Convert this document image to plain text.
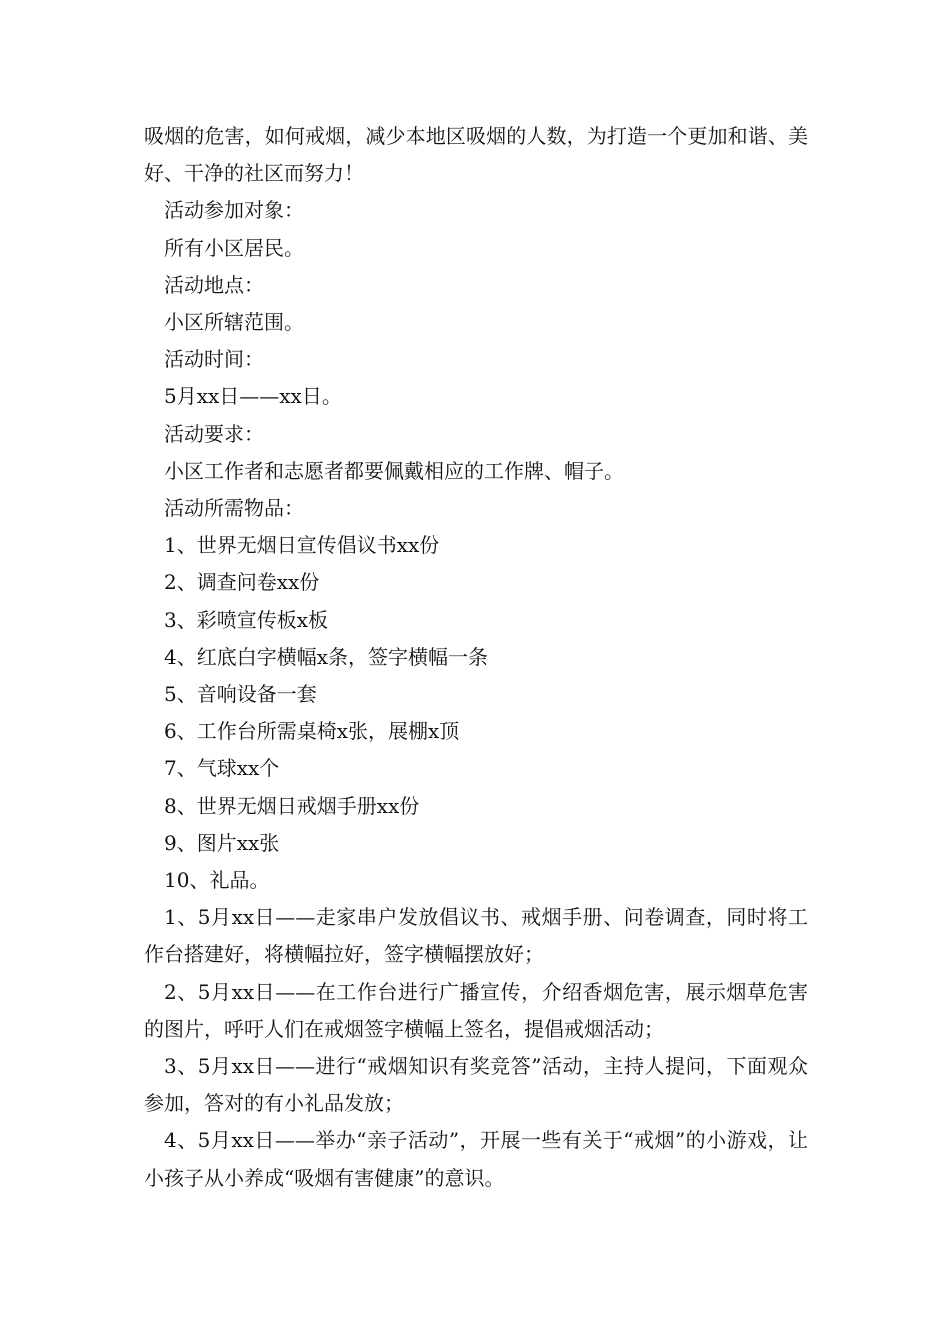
吸烟的危害，如何戒烟，减少本地区吸烟的人数，为打造一个更加和谐、美好、干净的社区而努力！

活动参加对象：

所有小区居民。

活动地点：

小区所辖范围。

活动时间：

5月xx日——xx日。

活动要求：

小区工作者和志愿者都要佩戴相应的工作牌、帽子。

活动所需物品：

1、世界无烟日宣传倡议书xx份

2、调查问卷xx份

3、彩喷宣传板x板

4、红底白字横幅x条，签字横幅一条

5、音响设备一套

6、工作台所需桌椅x张，展棚x顶

7、气球xx个

8、世界无烟日戒烟手册xx份

9、图片xx张

10、礼品。

1、5月xx日——走家串户发放倡议书、戒烟手册、问卷调查，同时将工作台搭建好，将横幅拉好，签字横幅摆放好；

2、5月xx日——在工作台进行广播宣传，介绍香烟危害，展示烟草危害的图片，呼吁人们在戒烟签字横幅上签名，提倡戒烟活动；

3、5月xx日——进行“戒烟知识有奖竞答”活动，主持人提问，下面观众参加，答对的有小礼品发放；

4、5月xx日——举办“亲子活动”，开展一些有关于“戒烟”的小游戏，让小孩子从小养成“吸烟有害健康”的意识。
